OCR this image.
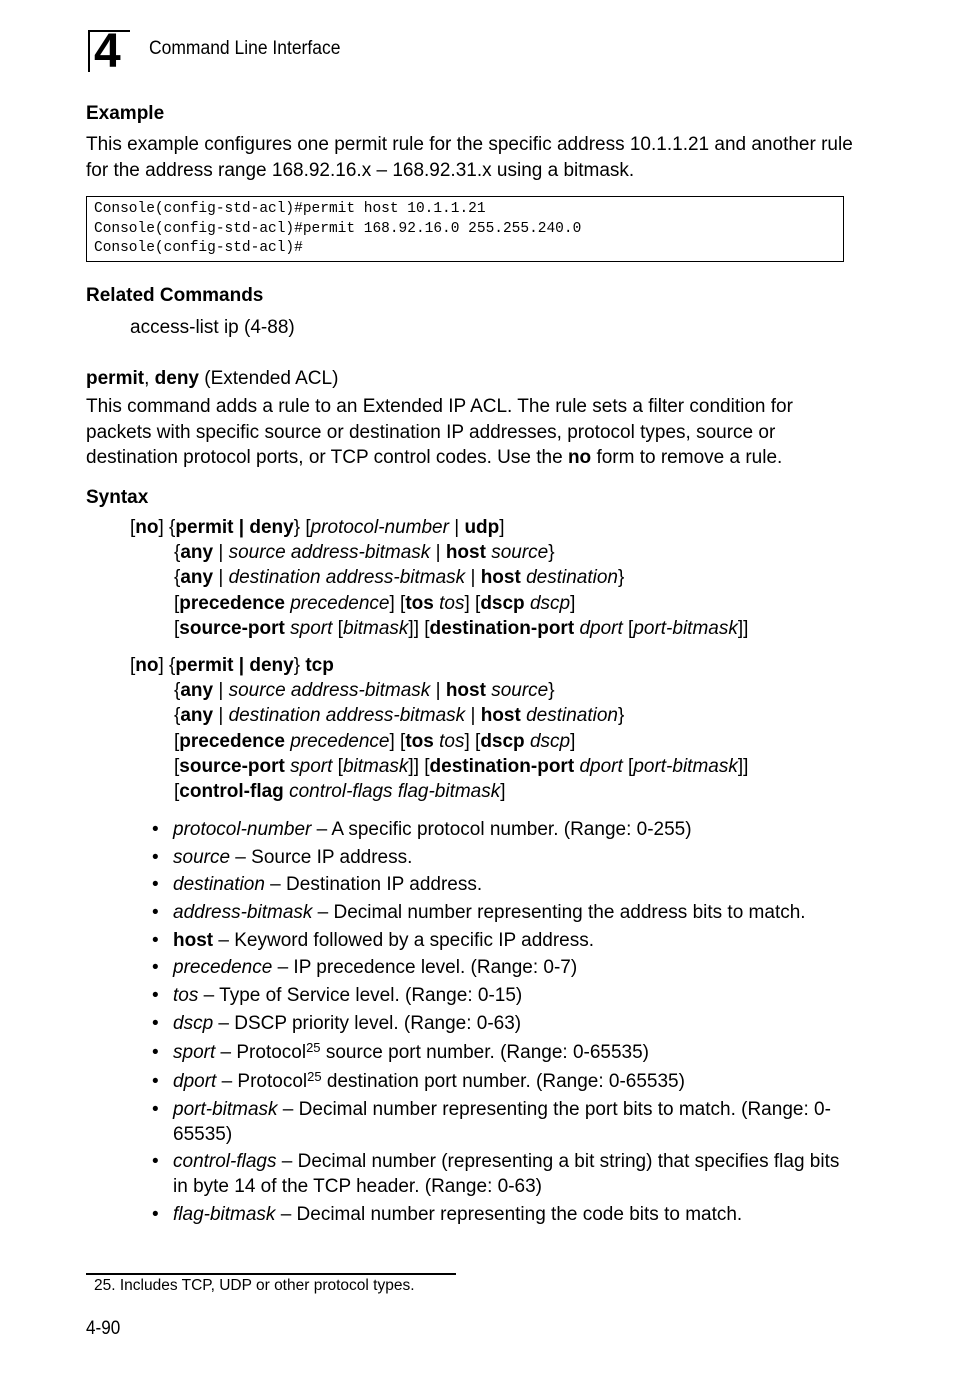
4 Command Line Interface
Example
This example configures one permit rule for the specific address 10.1.1.21 and another rule for the address range 168.92.16.x – 168.92.31.x using a bitmask.
Console(config-std-acl)#permit host 10.1.1.21
Console(config-std-acl)#permit 168.92.16.0 255.255.240.0
Console(config-std-acl)#
Related Commands
access-list ip (4-88)
permit, deny (Extended ACL)
This command adds a rule to an Extended IP ACL. The rule sets a filter condition for packets with specific source or destination IP addresses, protocol types, source or destination protocol ports, or TCP control codes. Use the no form to remove a rule.
Syntax
[no] {permit | deny} [protocol-number | udp]
{any | source address-bitmask | host source}
{any | destination address-bitmask | host destination}
[precedence precedence] [tos tos] [dscp dscp]
[source-port sport [bitmask]] [destination-port dport [port-bitmask]]
[no] {permit | deny} tcp
{any | source address-bitmask | host source}
{any | destination address-bitmask | host destination}
[precedence precedence] [tos tos] [dscp dscp]
[source-port sport [bitmask]] [destination-port dport [port-bitmask]]
[control-flag control-flags flag-bitmask]
• protocol-number – A specific protocol number. (Range: 0-255)
• source – Source IP address.
• destination – Destination IP address.
• address-bitmask – Decimal number representing the address bits to match.
• host – Keyword followed by a specific IP address.
• precedence – IP precedence level. (Range: 0-7)
• tos – Type of Service level. (Range: 0-15)
• dscp – DSCP priority level. (Range: 0-63)
• sport – Protocol$^{25}$ source port number. (Range: 0-65535)
• dport – Protocol$^{25}$ destination port number. (Range: 0-65535)
• port-bitmask – Decimal number representing the port bits to match. (Range: 0-65535)
• control-flags – Decimal number (representing a bit string) that specifies flag bits in byte 14 of the TCP header. (Range: 0-63)
• flag-bitmask – Decimal number representing the code bits to match.
25. Includes TCP, UDP or other protocol types.
4-90
